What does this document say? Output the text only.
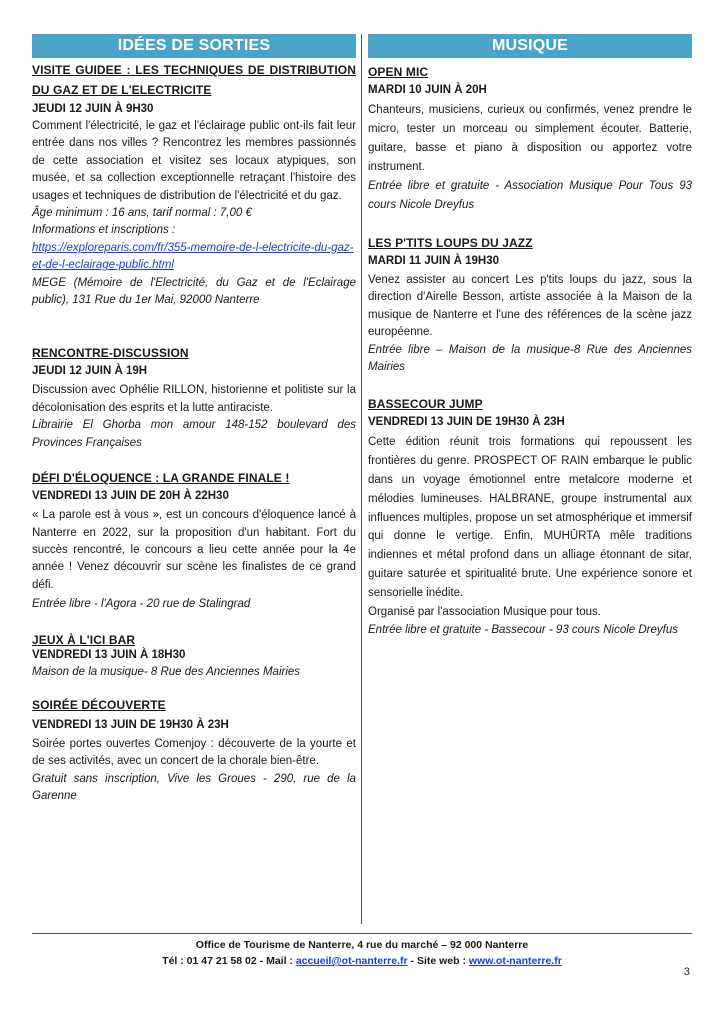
IDÉES DE SORTIES
VISITE GUIDEE : LES TECHNIQUES DE DISTRIBUTION DU GAZ ET DE L'ELECTRICITE
JEUDI 12 JUIN À 9H30
Comment l'électricité, le gaz et l'éclairage public ont-ils fait leur entrée dans nos villes ? Rencontrez les membres passionnés de cette association et visitez ses locaux atypiques, son musée, et sa collection exceptionnelle retraçant l'histoire des usages et techniques de distribution de l'électricité et du gaz.
Âge minimum : 16 ans, tarif normal : 7,00 €
Informations et inscriptions :
https://exploreparis.com/fr/355-memoire-de-l-electricite-du-gaz-et-de-l-eclairage-public.html
MEGE (Mémoire de l'Electricité, du Gaz et de l'Eclairage public), 131 Rue du 1er Mai, 92000 Nanterre
RENCONTRE-DISCUSSION
JEUDI 12 JUIN À 19H
Discussion avec Ophélie RILLON, historienne et politiste sur la décolonisation des esprits et la lutte antiraciste.
Librairie El Ghorba mon amour 148-152 boulevard des Provinces Françaises
DÉFI D'ÉLOQUENCE : LA GRANDE FINALE !
VENDREDI 13 JUIN DE 20H À 22H30
« La parole est à vous », est un concours d'éloquence lancé à Nanterre en 2022, sur la proposition d'un habitant. Fort du succès rencontré, le concours a lieu cette année pour la 4e année ! Venez découvrir sur scène les finalistes de ce grand défi.
Entrée libre - l'Agora - 20 rue de Stalingrad
JEUX À L'ICI BAR
VENDREDI 13 JUIN À 18H30
Maison de la musique- 8 Rue des Anciennes Mairies
SOIRÉE DÉCOUVERTE
VENDREDI 13 JUIN DE 19H30 À 23H
Soirée portes ouvertes Comenjoy : découverte de la yourte et de ses activités, avec un concert de la chorale bien-être.
Gratuit sans inscription, Vive les Groues - 290, rue de la Garenne
MUSIQUE
OPEN MIC
MARDI 10 JUIN À 20H
Chanteurs, musiciens, curieux ou confirmés, venez prendre le micro, tester un morceau ou simplement écouter. Batterie, guitare, basse et piano à disposition ou apportez votre instrument.
Entrée libre et gratuite - Association Musique Pour Tous 93 cours Nicole Dreyfus
LES P'TITS LOUPS DU JAZZ
MARDI 11 JUIN À 19H30
Venez assister au concert Les p'tits loups du jazz, sous la direction d'Airelle Besson, artiste associée à la Maison de la musique de Nanterre et l'une des références de la scène jazz européenne.
Entrée libre – Maison de la musique-8 Rue des Anciennes Mairies
BASSECOUR JUMP
VENDREDI 13 JUIN DE 19H30 À 23H
Cette édition réunit trois formations qui repoussent les frontières du genre. PROSPECT OF RAIN embarque le public dans un voyage émotionnel entre metalcore moderne et mélodies lumineuses. HALBRANE, groupe instrumental aux influences multiples, propose un set atmosphérique et immersif qui donne le vertige. Enfin, MUHŪRTA mêle traditions indiennes et métal profond dans un alliage étonnant de sitar, guitare saturée et spiritualité brute. Une expérience sonore et sensorielle inédite.
Organisé par l'association Musique pour tous.
Entrée libre et gratuite - Bassecour - 93 cours Nicole Dreyfus
Office de Tourisme de Nanterre, 4 rue du marché – 92 000 Nanterre
Tél : 01 47 21 58 02 - Mail : accueil@ot-nanterre.fr - Site web : www.ot-nanterre.fr
3
